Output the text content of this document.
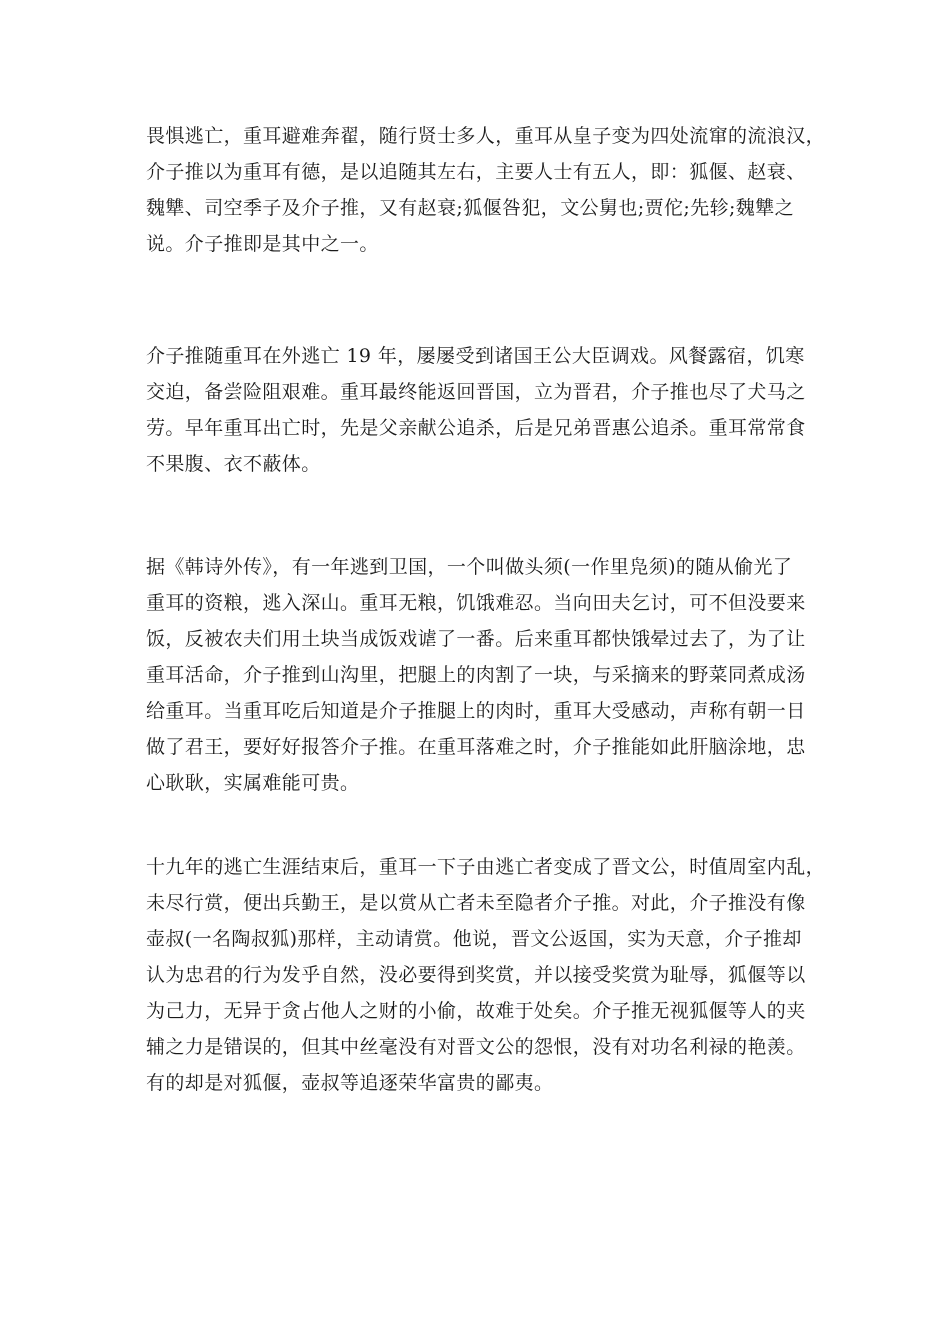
畏惧逃亡，重耳避难奔翟，随行贤士多人，重耳从皇子变为四处流窜的流浪汉，
介子推以为重耳有德，是以追随其左右，主要人士有五人，即：狐偃、赵衰、
魏犨、司空季子及介子推，又有赵衰;狐偃咎犯，文公舅也;贾佗;先轸;魏犨之
说。介子推即是其中之一。
介子推随重耳在外逃亡 19 年，屡屡受到诸国王公大臣调戏。风餐露宿，饥寒
交迫，备尝险阻艰难。重耳最终能返回晋国，立为晋君，介子推也尽了犬马之
劳。早年重耳出亡时，先是父亲献公追杀，后是兄弟晋惠公追杀。重耳常常食
不果腹、衣不蔽体。
据《韩诗外传》，有一年逃到卫国，一个叫做头须(一作里凫须)的随从偷光了
重耳的资粮，逃入深山。重耳无粮，饥饿难忍。当向田夫乞讨，可不但没要来
饭，反被农夫们用土块当成饭戏谑了一番。后来重耳都快饿晕过去了，为了让
重耳活命，介子推到山沟里，把腿上的肉割了一块，与采摘来的野菜同煮成汤
给重耳。当重耳吃后知道是介子推腿上的肉时，重耳大受感动，声称有朝一日
做了君王，要好好报答介子推。在重耳落难之时，介子推能如此肝脑涂地，忠
心耿耿，实属难能可贵。
十九年的逃亡生涯结束后，重耳一下子由逃亡者变成了晋文公，时值周室内乱，
未尽行赏，便出兵勤王，是以赏从亡者未至隐者介子推。对此，介子推没有像
壶叔(一名陶叔狐)那样，主动请赏。他说，晋文公返国，实为天意，介子推却
认为忠君的行为发乎自然，没必要得到奖赏，并以接受奖赏为耻辱，狐偃等以
为己力，无异于贪占他人之财的小偷，故难于处矣。介子推无视狐偃等人的夹
辅之力是错误的，但其中丝毫没有对晋文公的怨恨，没有对功名利禄的艳羡。
有的却是对狐偃，壶叔等追逐荣华富贵的鄙夷。
